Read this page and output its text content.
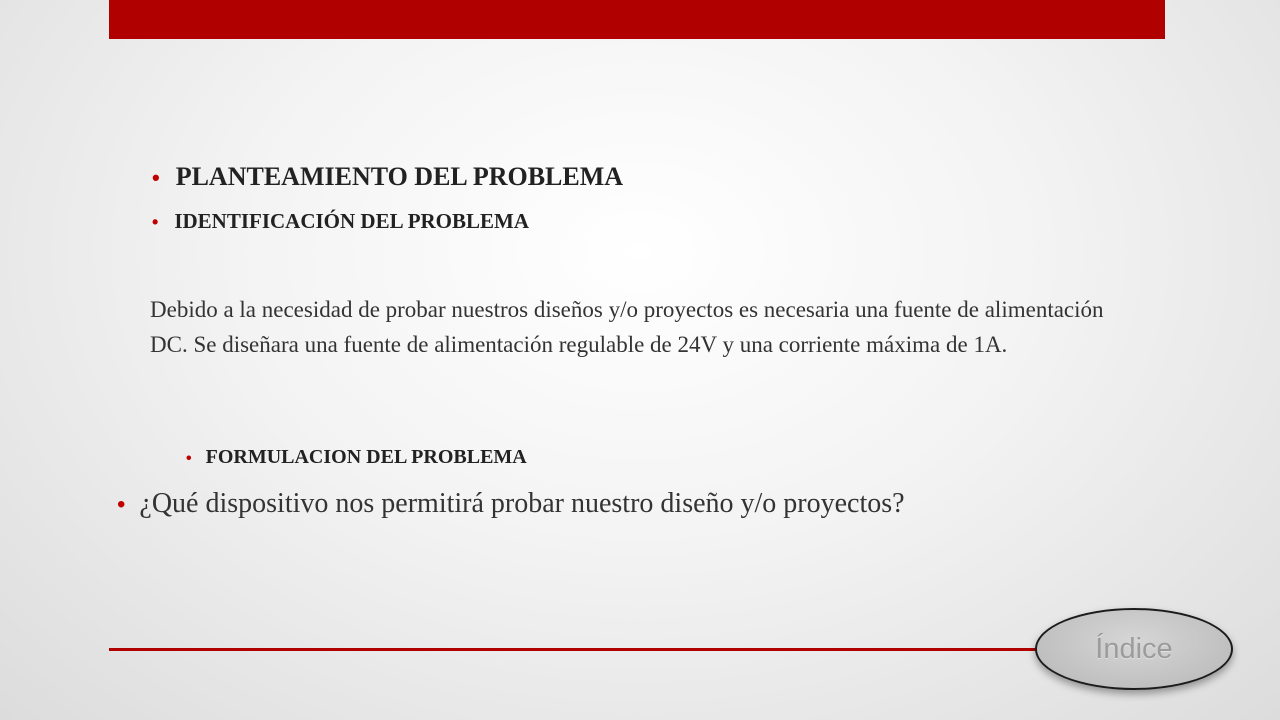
• PLANTEAMIENTO DEL PROBLEMA
• IDENTIFICACIÓN DEL PROBLEMA

Debido a la necesidad de probar nuestros diseños y/o proyectos es necesaria una fuente de alimentación DC. Se diseñara una fuente de alimentación regulable de 24V y una corriente máxima de 1A.

• FORMULACION DEL PROBLEMA
• ¿Qué dispositivo nos permitirá probar nuestro diseño y/o proyectos?
Índice
